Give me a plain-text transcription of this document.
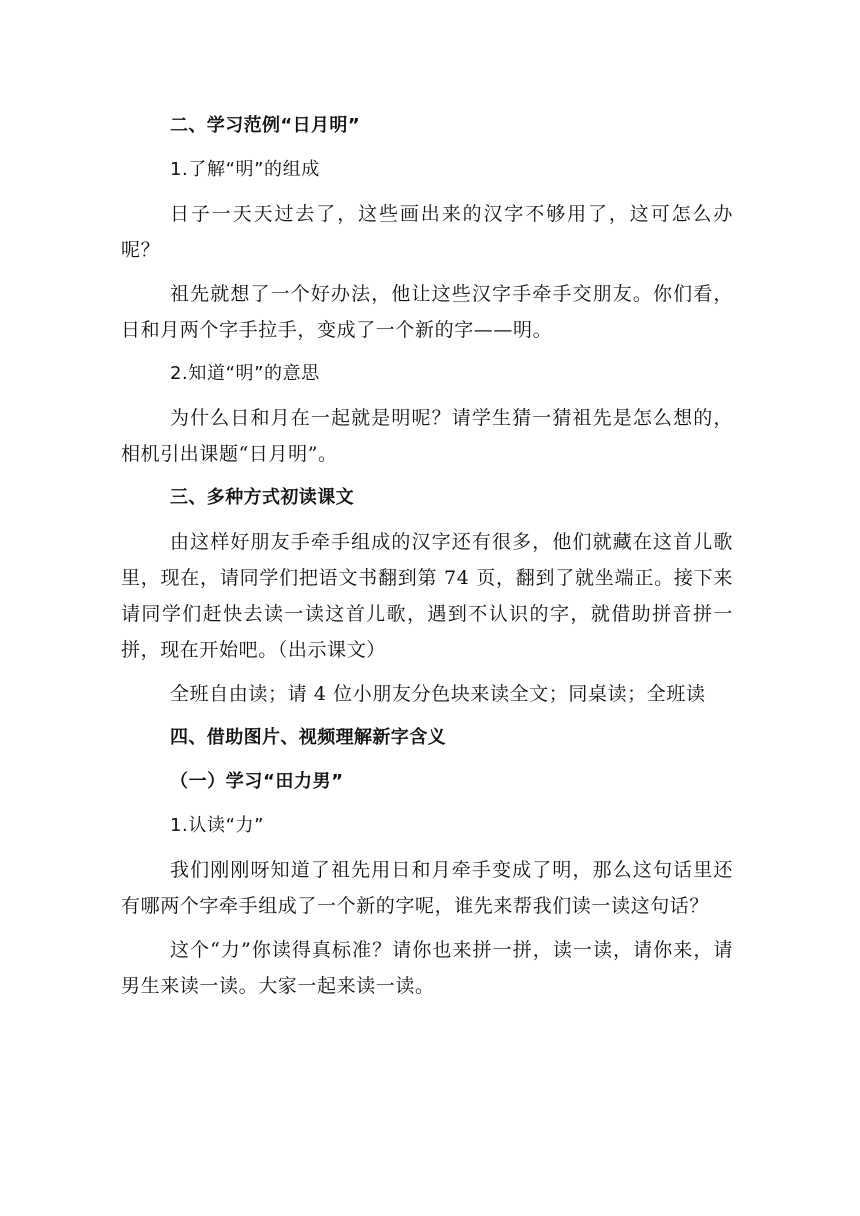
二、学习范例“日月明”

1.了解“明”的组成

日子一天天过去了，这些画出来的汉字不够用了，这可怎么办呢？

祖先就想了一个好办法，他让这些汉字手牵手交朋友。你们看，日和月两个字手拉手，变成了一个新的字——明。

2.知道“明”的意思

为什么日和月在一起就是明呢？请学生猜一猜祖先是怎么想的，相机引出课题“日月明”。

三、多种方式初读课文

由这样好朋友手牵手组成的汉字还有很多，他们就藏在这首儿歌里，现在，请同学们把语文书翻到第 74 页，翻到了就坐端正。接下来请同学们赶快去读一读这首儿歌，遇到不认识的字，就借助拼音拼一拼，现在开始吧。（出示课文）

全班自由读；请 4 位小朋友分色块来读全文；同桌读；全班读

四、借助图片、视频理解新字含义

（一）学习“田力男”

1.认读“力”

我们刚刚呀知道了祖先用日和月牵手变成了明，那么这句话里还有哪两个字牵手组成了一个新的字呢，谁先来帮我们读一读这句话？

这个“力”你读得真标准？请你也来拼一拼，读一读，请你来，请男生来读一读。大家一起来读一读。
